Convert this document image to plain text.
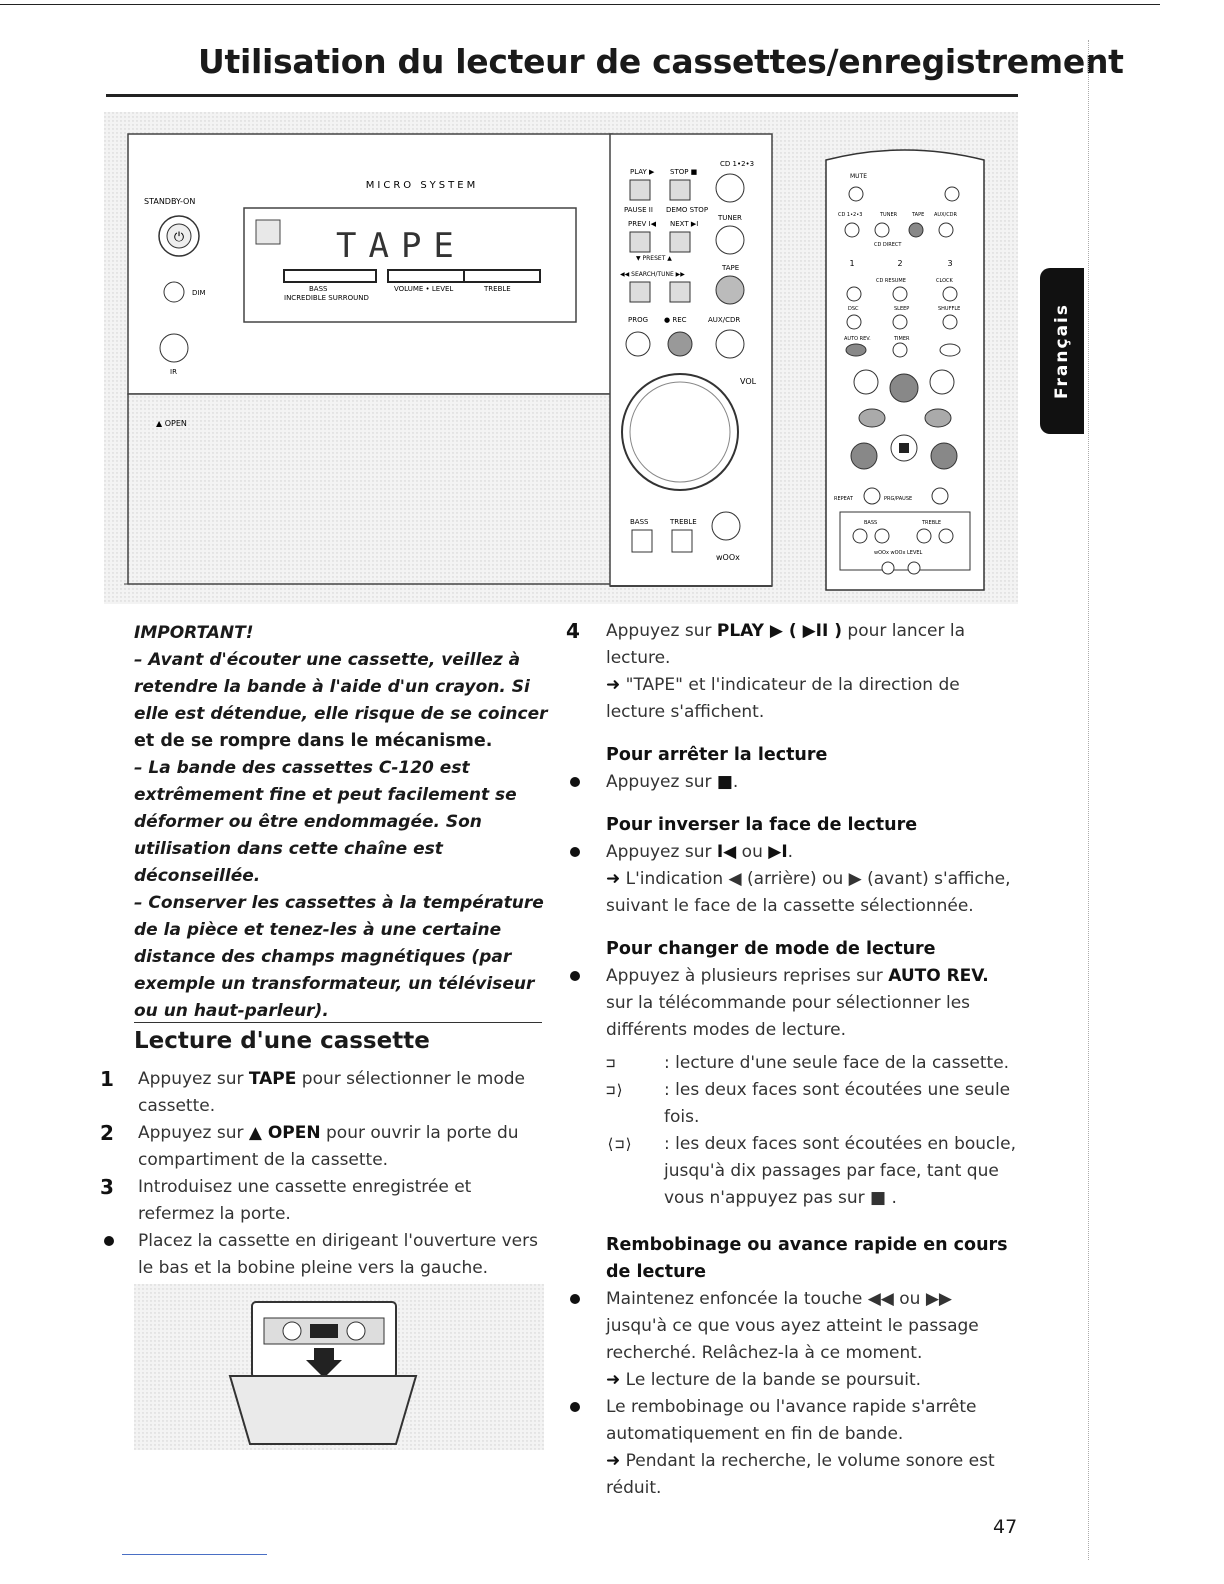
Utilisation du lecteur de cassettes/enregistrement
Français
MICRO SYSTEM
STANDBY-ON
⏻
DIM
IR
▲ OPEN
TAPE
BASS	VOLUME • LEVEL	TREBLE
INCREDIBLE SURROUND
PLAY ▶ STOP ■
CD 1•2•3
PAUSE II DEMO STOP
TUNER
PREV I◀ NEXT ▶I
▼ PRESET ▲
◀◀ SEARCH/TUNE ▶▶
TAPE
PROG ● REC	AUX/CDR
VOL
BASS	TREBLE
wOOx
MUTE
CD 1•2•3	TUNER	TAPE AUX/CDR
CD DIRECT
1	2	3
CD RESUME	CLOCK
DSC	SLEEP	SHUFFLE
AUTO REV.	TIMER
REPEAT	PRG/PAUSE
BASS	TREBLE
wOOx wOOx LEVEL

IMPORTANT!

– Avant d'écouter une cassette, veillez à retendre la bande à l'aide d'un crayon. Si elle est détendue, elle risque de se coincer

et de se rompre dans le mécanisme.

– La bande des cassettes C-120 est extrêmement fine et peut facilement se déformer ou être endommagée. Son utilisation dans cette chaîne est déconseillée.

– Conserver les cassettes à la température de la pièce et tenez-les à une certaine distance des champs magnétiques (par exemple un transformateur, un téléviseur ou un haut-parleur).

Lecture d'une cassette
1 Appuyez sur TAPE pour sélectionner le mode cassette.
2 Appuyez sur ▲ OPEN pour ouvrir la porte du compartiment de la cassette.
3 Introduisez une cassette enregistrée et refermez la porte.
Placez la cassette en dirigeant l'ouverture vers le bas et la bobine pleine vers la gauche.
4 Appuyez sur PLAY ▶ ( ▶II ) pour lancer la lecture.
➜ "TAPE" et l'indicateur de la direction de lecture s'affichent.

Pour arrêter la lecture

Appuyez sur ■.

Pour inverser la face de lecture

Appuyez sur I◀ ou ▶I.
➜ L'indication ◀ (arrière) ou ▶ (avant) s'affiche, suivant le face de la cassette sélectionnée.

Pour changer de mode de lecture

Appuyez à plusieurs reprises sur AUTO REV. sur la télécommande pour sélectionner les différents modes de lecture.
⊐	: lecture d'une seule face de la cassette.
⊐⟩	: les deux faces sont écoutées une seule fois.
⟨⊐⟩	: les deux faces sont écoutées en boucle, jusqu'à dix passages par face, tant que vous n'appuyez pas sur ■ .

Rembobinage ou avance rapide en cours de lecture

Maintenez enfoncée la touche ◀◀ ou ▶▶ jusqu'à ce que vous ayez atteint le passage recherché. Relâchez-la à ce moment.
➜ Le lecture de la bande se poursuit.
Le rembobinage ou l'avance rapide s'arrête automatiquement en fin de bande.
➜ Pendant la recherche, le volume sonore est réduit.
47
